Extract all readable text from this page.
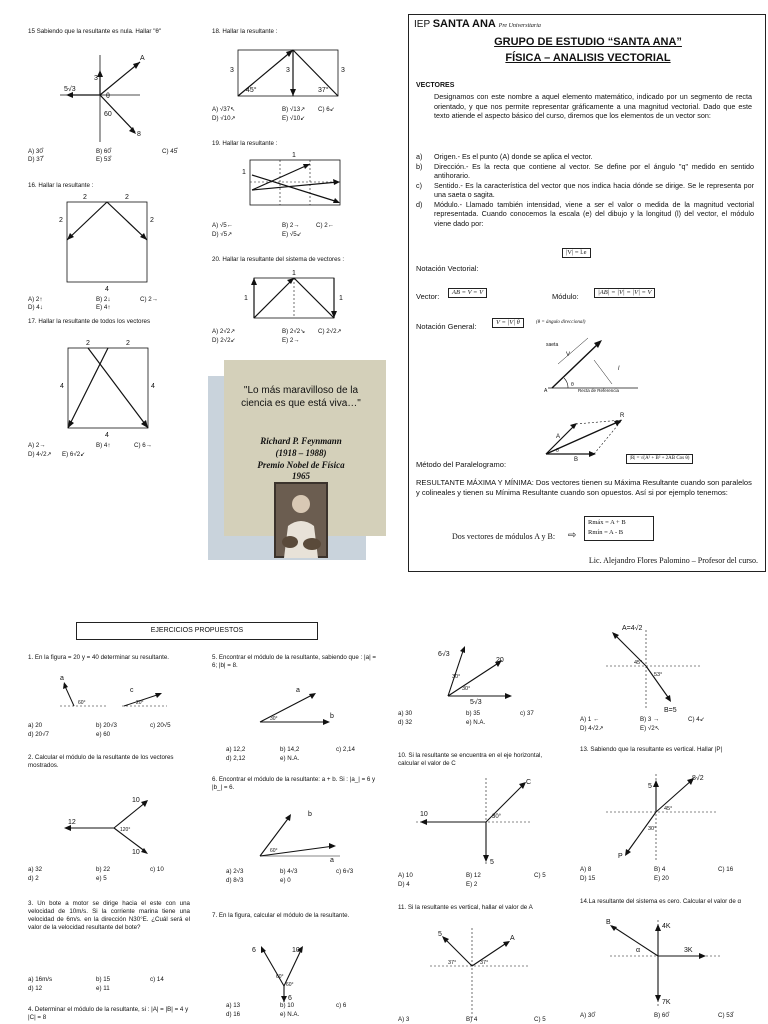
15 Sabiendo que la resultante es nula. Hallar "θ"
A
3
5√3
θ
60
8
A) 30̊	B) 60̊	C) 45̊
D) 37̊	E) 53̊
16. Hallar la resultante :
2	2
2	2
4
A) 2↑	B) 2↓	C) 2→
D) 4↓	E) 4↑
17. Hallar la resultante de todos los vectores
2	2
4	4
4
A) 2→	B) 4↑	C) 6→
D) 4√2↗ E) 6√2↙
18. Hallar la resultante :
3	3	3
45°	37°
A) √37↖	B) √13↗ C) 6↙
D) √10↗	E) √10↙
19. Hallar la resultante :
1
1
A) √5←	B) 2→	C) 2←
D) √5↗	E) √5↙
20. Hallar la resultante del sistema de vectores :
1
1	1
A) 2√2↗	B) 2√2↘ C) 2√2↗
D) 2√2↙	E) 2→
"Lo más maravilloso de la ciencia es que está viva…"
Richard P. Feynmann
(1918 – 1988)
Premio Nobel de Física
1965
IEP SANTA ANA Pre Universitaria
GRUPO DE ESTUDIO “SANTA ANA”
FÍSICA – ANALISIS VECTORIAL
VECTORES
Designamos con este nombre a aquel elemento matemático, indicado por un segmento de recta orientado, y que nos permite representar gráficamente a una magnitud vectorial. Dado que este texto atiende el aspecto básico del curso, diremos que los elementos de un vector son:
a)	Origen.- Es el punto (A) donde se aplica el vector.
b)	Dirección.- Es la recta que contiene al vector. Se define por el ángulo "q" medido en sentido antihorario.
c)	Sentido.- Es la característica del vector que nos indica hacia dónde se dirige. Se le representa por una saeta o sagita.
d)	Módulo.- Llamado también intensidad, viene a ser el valor o medida de la magnitud vectorial representada. Cuando conocemos la escala (e) del dibujo y la longitud (l) del vector, el módulo viene dado por:
|V| = l.e
Notación Vectorial:
Vector:	AB = V = V	Módulo:	|AB| = |V| = |V| = V
Notación General:	V = |V| θ	(θ = ángulo direccional)
saeta
V
l
θ
Recta de Referencia
A
Método del Paralelogramo:
R
A
B
θ
|R| = √(A² + B² + 2AB Cos θ)
RESULTANTE MÁXIMA Y MÍNIMA: Dos vectores tienen su Máxima Resultante cuando son paralelos y colineales y tienen su Mínima Resultante cuando son opuestos. Así si por ejemplo tenemos:
Dos vectores de módulos A y B: ⇨
Rmáx = A + B
Rmín = A - B
Lic. Alejandro Flores Palomino – Profesor del curso.
EJERCICIOS PROPUESTOS
1. En la figura = 20 y = 40 determinar su resultante.
a
c
60°	20°
a) 20	b) 20√3	c) 20√5
d) 20√7	e) 60
2. Calcular el módulo de la resultante de los vectores mostrados.
12
10
10
120°
a) 32	b) 22	c) 10
d) 2	e) 5
3. Un bote a motor se dirige hacia el este con una velocidad de 10m/s. Si la corriente marina tiene una velocidad de 6m/s. en la dirección N30°E. ¿Cuál será el valor de la velocidad resultante del bote?
a) 16m/s	b) 15	c) 14
d) 12	e) 11
4. Determinar el módulo de la resultante, si : |A| = |B| = 4 y |C| = 8
5. Encontrar el módulo de la resultante, sabiendo que : |a| = 6; |b| = 8.
a
b
30°
a) 12,2	b) 14,2	c) 2,14
d) 2,12	e) N.A.
6. Encontrar el módulo de la resultante: a + b. Si : |a_| = 6 y |b_| = 6.
b
a
60°
a) 2√3	b) 4√3	c) 6√3
d) 8√3	e) 0
7. En la figura, calcular el módulo de la resultante.
6	10
6
60°
60°
a) 13	b) 10	c) 6
d) 16	e) N.A.
6√3
20
5√3
30°
30°
a) 30	b) 35	c) 37
d) 32	e) N.A.
10. Si la resultante se encuentra en el eje horizontal, calcular el valor de C
C
10	30°
5
A) 10	B) 12	C) 5
D) 4	E) 2
11. Si la resultante es vertical, hallar el valor de A
5
A
37°	37°
A) 3	B) 4	C) 5
A=4√2
45°
53°
B=5
A) 1 ←	B) 3 →	C) 4↙
D) 4√2↗	E) √2↖
13. Sabiendo que la resultante es vertical. Hallar |P|
5
8√2
45°
30°
P
A) 8	B) 4	C) 16
D) 15	E) 20
14.La resultante del sistema es cero. Calcular el valor de α
B
4K
3K
7K
α
A) 30̊	B) 60̊	C) 53̊
